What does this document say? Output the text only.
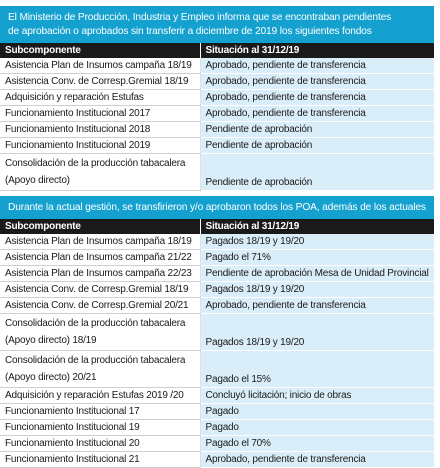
El Ministerio de Producción, Industria y Empleo informa que se encontraban pendientes
de aprobación o aprobados sin transferir a diciembre de 2019 los siguientes fondos
Subcomponente	Situación al 31/12/19
Asistencia Plan de Insumos campaña 18/19	Aprobado, pendiente de transferencia
Asistencia Conv. de Corresp.Gremial 18/19	Aprobado, pendiente de transferencia
Adquisición y reparación Estufas	Aprobado, pendiente de transferencia
Funcionamiento Institucional 2017	Aprobado, pendiente de transferencia
Funcionamiento Institucional 2018	Pendiente de aprobación
Funcionamiento Institucional 2019	Pendiente de aprobación

Consolidación de la producción tabacalera
(Apoyo directo)	Pendiente de aprobación
Durante la actual gestión, se transfirieron y/o aprobaron todos los POA, además de los actuales
Subcomponente	Situación al 31/12/19
Asistencia Plan de Insumos campaña 18/19	Pagados 18/19 y 19/20
Asistencia Plan de Insumos campaña 21/22	Pagado el 71%
Asistencia Plan de Insumos campaña 22/23	Pendiente de aprobación Mesa de Unidad Provincial
Asistencia Conv. de Corresp.Gremial 18/19	Pagados 18/19 y 19/20
Asistencia Conv. de Corresp.Gremial 20/21	Aprobado, pendiente de transferencia

Consolidación de la producción tabacalera
(Apoyo directo) 18/19	Pagados 18/19 y 19/20

Consolidación de la producción tabacalera
(Apoyo directo) 20/21	Pagado el 15%
Adquisición y reparación Estufas 2019 /20	Concluyó licitación; inicio de obras
Funcionamiento Institucional 17	Pagado
Funcionamiento Institucional 19	Pagado
Funcionamiento Institucional 20	Pagado el 70%
Funcionamiento Institucional 21	Aprobado, pendiente de transferencia
